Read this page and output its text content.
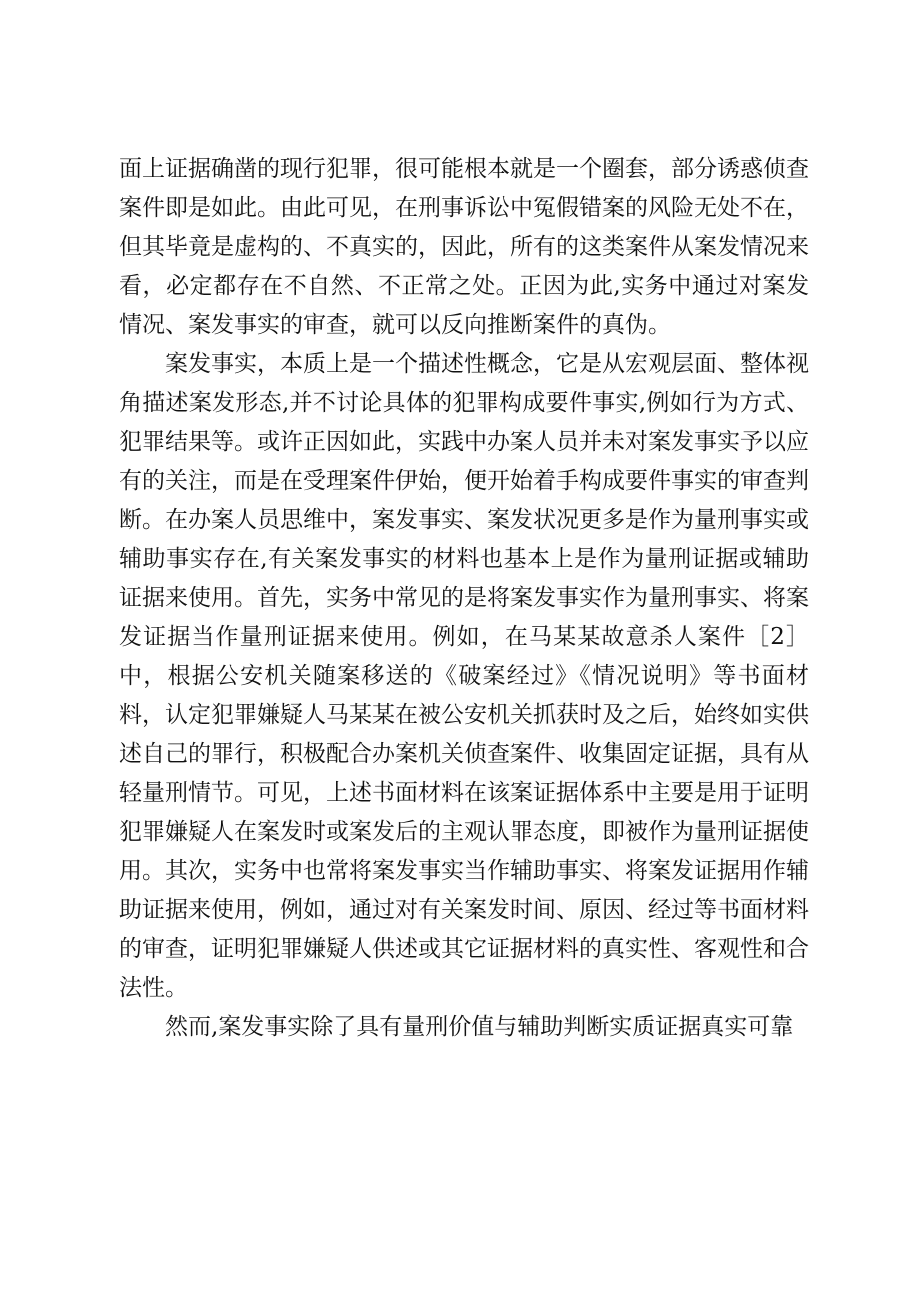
面上证据确凿的现行犯罪，很可能根本就是一个圈套，部分诱惑侦查案件即是如此。由此可见，在刑事诉讼中冤假错案的风险无处不在，但其毕竟是虚构的、不真实的，因此，所有的这类案件从案发情况来看，必定都存在不自然、不正常之处。正因为此,实务中通过对案发情况、案发事实的审查，就可以反向推断案件的真伪。

案发事实，本质上是一个描述性概念，它是从宏观层面、整体视角描述案发形态,并不讨论具体的犯罪构成要件事实,例如行为方式、犯罪结果等。或许正因如此，实践中办案人员并未对案发事实予以应有的关注，而是在受理案件伊始，便开始着手构成要件事实的审查判断。在办案人员思维中，案发事实、案发状况更多是作为量刑事实或辅助事实存在,有关案发事实的材料也基本上是作为量刑证据或辅助证据来使用。首先，实务中常见的是将案发事实作为量刑事实、将案发证据当作量刑证据来使用。例如，在马某某故意杀人案件［2］中，根据公安机关随案移送的《破案经过》《情况说明》等书面材料，认定犯罪嫌疑人马某某在被公安机关抓获时及之后，始终如实供述自己的罪行，积极配合办案机关侦查案件、收集固定证据，具有从轻量刑情节。可见，上述书面材料在该案证据体系中主要是用于证明犯罪嫌疑人在案发时或案发后的主观认罪态度，即被作为量刑证据使用。其次，实务中也常将案发事实当作辅助事实、将案发证据用作辅助证据来使用，例如，通过对有关案发时间、原因、经过等书面材料的审查，证明犯罪嫌疑人供述或其它证据材料的真实性、客观性和合法性。

然而,案发事实除了具有量刑价值与辅助判断实质证据真实可靠
